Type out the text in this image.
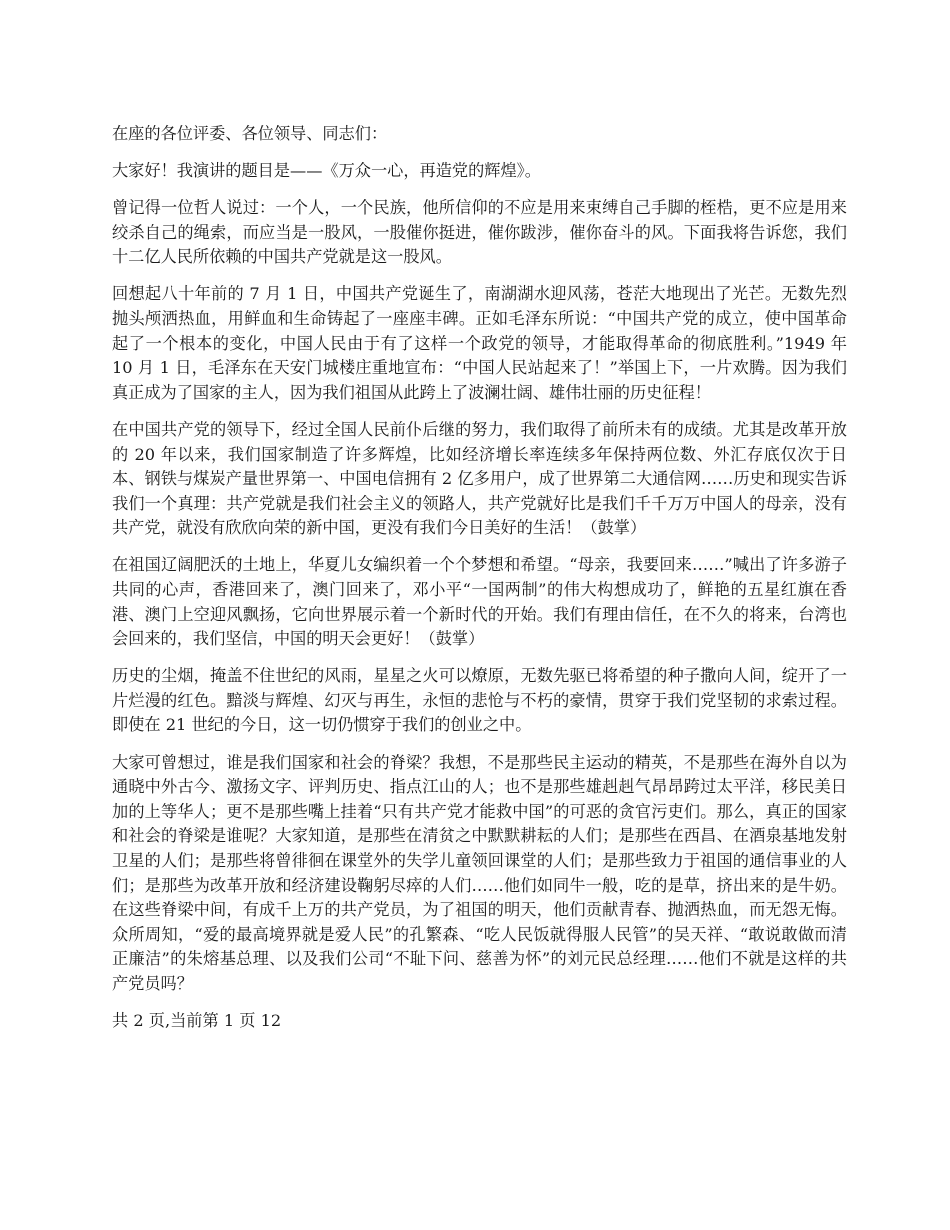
在座的各位评委、各位领导、同志们：

大家好！我演讲的题目是——《万众一心，再造党的辉煌》。

曾记得一位哲人说过：一个人，一个民族，他所信仰的不应是用来束缚自己手脚的桎梏，更不应是用来绞杀自己的绳索，而应当是一股风，一股催你挺进，催你跋涉，催你奋斗的风。下面我将告诉您，我们十二亿人民所依赖的中国共产党就是这一股风。

回想起八十年前的 7 月 1 日，中国共产党诞生了，南湖湖水迎风荡，苍茫大地现出了光芒。无数先烈抛头颅洒热血，用鲜血和生命铸起了一座座丰碑。正如毛泽东所说：“中国共产党的成立，使中国革命起了一个根本的变化，中国人民由于有了这样一个政党的领导，才能取得革命的彻底胜利。”1949 年 10 月 1 日，毛泽东在天安门城楼庄重地宣布：“中国人民站起来了！”举国上下，一片欢腾。因为我们真正成为了国家的主人，因为我们祖国从此跨上了波澜壮阔、雄伟壮丽的历史征程！

在中国共产党的领导下，经过全国人民前仆后继的努力，我们取得了前所未有的成绩。尤其是改革开放的 20 年以来，我们国家制造了许多辉煌，比如经济增长率连续多年保持两位数、外汇存底仅次于日本、钢铁与煤炭产量世界第一、中国电信拥有 2 亿多用户，成了世界第二大通信网……历史和现实告诉我们一个真理：共产党就是我们社会主义的领路人，共产党就好比是我们千千万万中国人的母亲，没有共产党，就没有欣欣向荣的新中国，更没有我们今日美好的生活！（鼓掌）

在祖国辽阔肥沃的土地上，华夏儿女编织着一个个梦想和希望。“母亲，我要回来……”喊出了许多游子共同的心声，香港回来了，澳门回来了，邓小平“一国两制”的伟大构想成功了，鲜艳的五星红旗在香港、澳门上空迎风飘扬，它向世界展示着一个新时代的开始。我们有理由信任，在不久的将来，台湾也会回来的，我们坚信，中国的明天会更好！（鼓掌）

历史的尘烟，掩盖不住世纪的风雨，星星之火可以燎原，无数先驱已将希望的种子撒向人间，绽开了一片烂漫的红色。黯淡与辉煌、幻灭与再生，永恒的悲怆与不朽的豪情，贯穿于我们党坚韧的求索过程。即使在 21 世纪的今日，这一切仍惯穿于我们的创业之中。

大家可曾想过，谁是我们国家和社会的脊梁？我想，不是那些民主运动的精英，不是那些在海外自以为通晓中外古今、激扬文字、评判历史、指点江山的人；也不是那些雄赳赳气昂昂跨过太平洋，移民美日加的上等华人；更不是那些嘴上挂着“只有共产党才能救中国”的可恶的贪官污吏们。那么，真正的国家和社会的脊梁是谁呢？大家知道，是那些在清贫之中默默耕耘的人们；是那些在西昌、在酒泉基地发射卫星的人们；是那些将曾徘徊在课堂外的失学儿童领回课堂的人们；是那些致力于祖国的通信事业的人们；是那些为改革开放和经济建设鞠躬尽瘁的人们……他们如同牛一般，吃的是草，挤出来的是牛奶。在这些脊梁中间，有成千上万的共产党员，为了祖国的明天，他们贡献青春、抛洒热血，而无怨无悔。众所周知，“爱的最高境界就是爱人民”的孔繁森、“吃人民饭就得服人民管”的吴天祥、“敢说敢做而清正廉洁”的朱熔基总理、以及我们公司“不耻下问、慈善为怀”的刘元民总经理……他们不就是这样的共产党员吗？

共 2 页,当前第 1 页 12
